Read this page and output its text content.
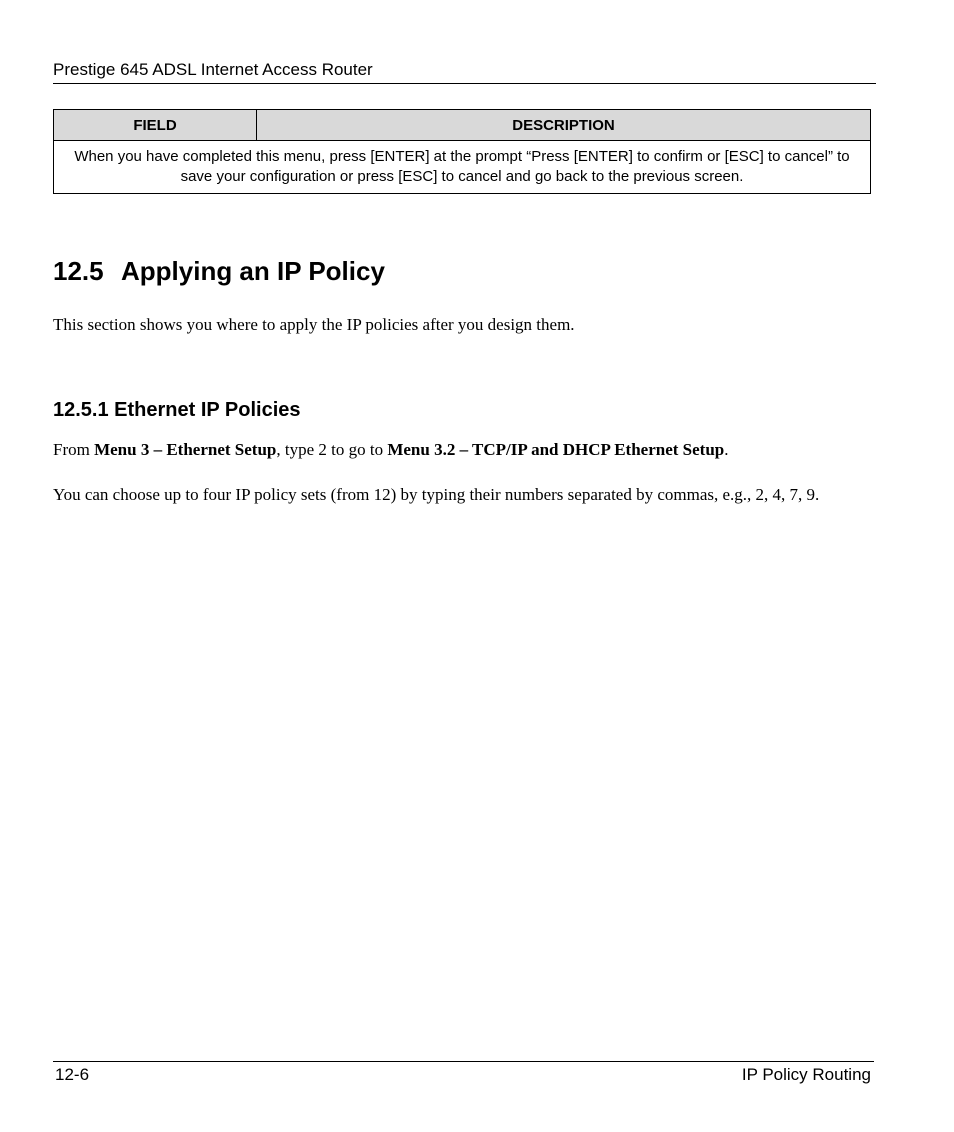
Prestige 645 ADSL Internet Access Router
FIELD	DESCRIPTION
When you have completed this menu, press [ENTER] at the prompt “Press [ENTER] to confirm or [ESC] to cancel” to save your configuration or press [ESC] to cancel and go back to the previous screen.
12.5 Applying an IP Policy
This section shows you where to apply the IP policies after you design them.
12.5.1 Ethernet IP Policies
From Menu 3 – Ethernet Setup, type 2 to go to Menu 3.2 – TCP/IP and DHCP Ethernet Setup.
You can choose up to four IP policy sets (from 12) by typing their numbers separated by commas, e.g., 2, 4, 7, 9.
12-6	IP Policy Routing
